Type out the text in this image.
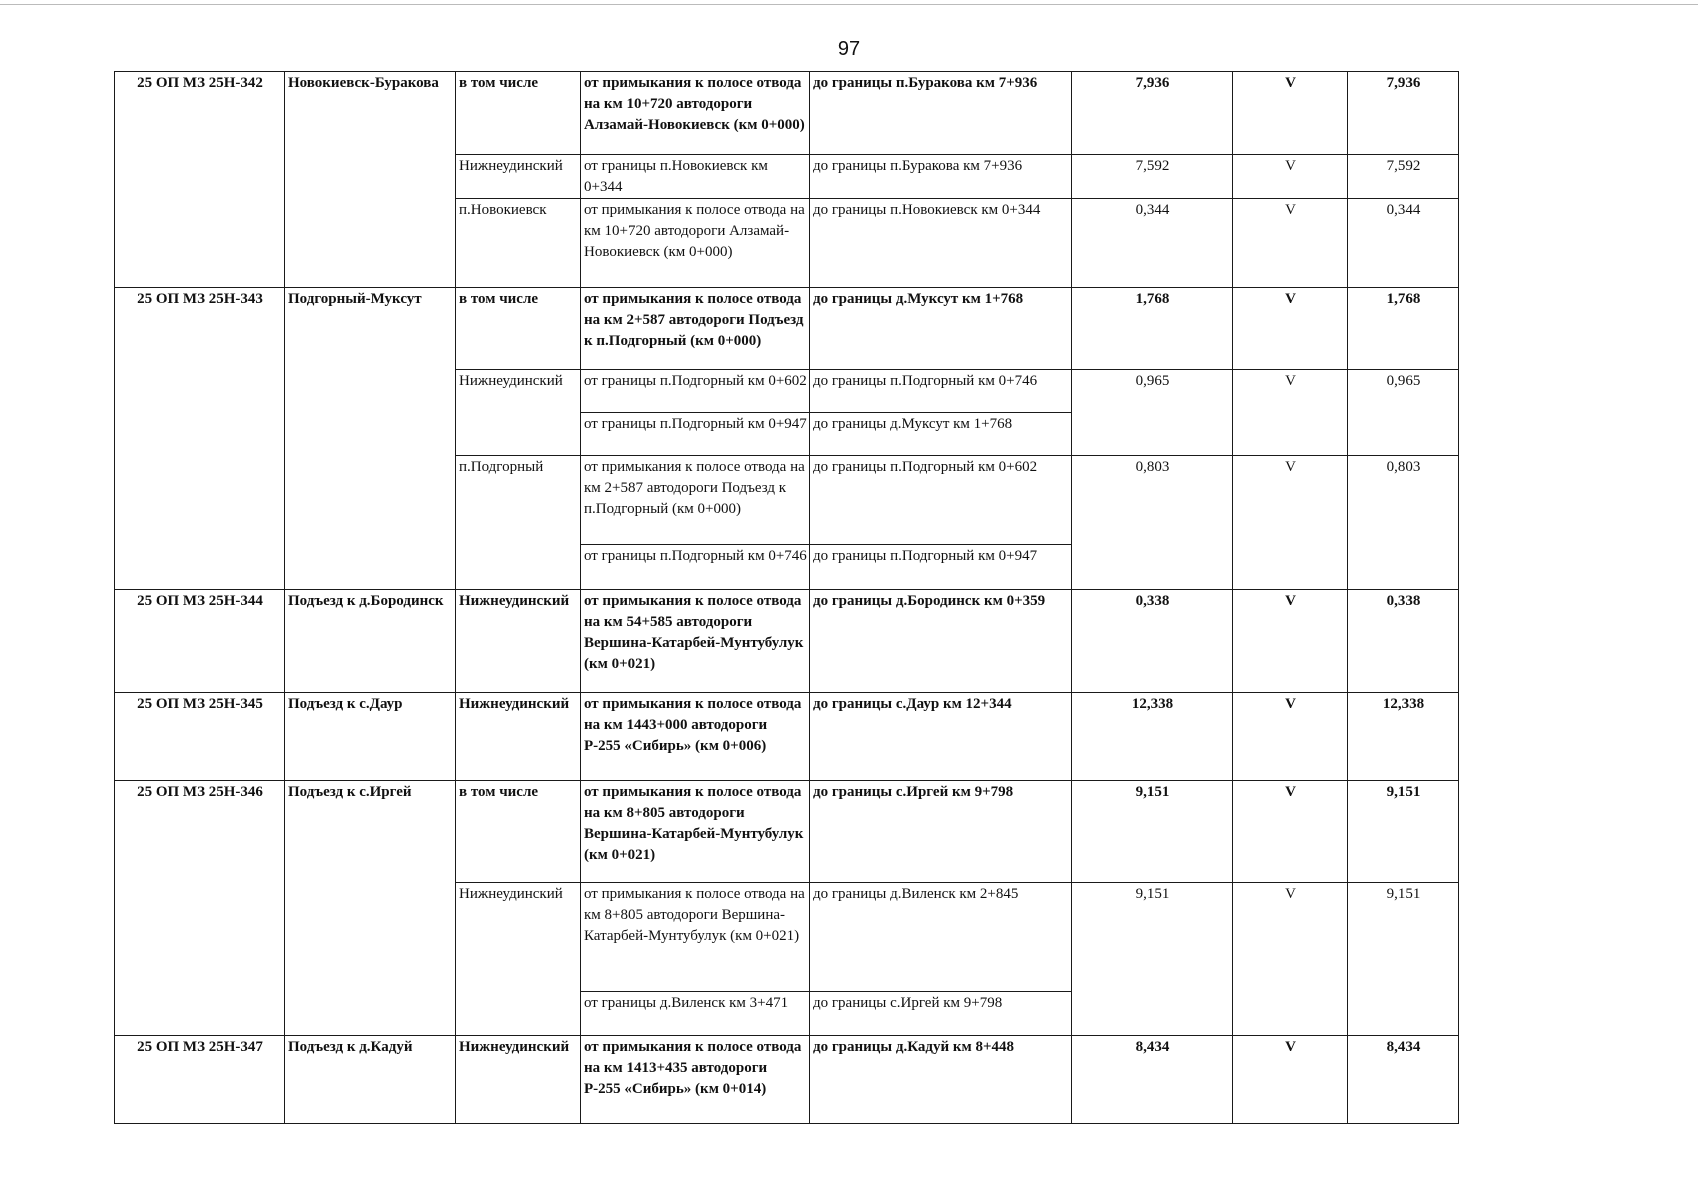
97
25 ОП МЗ 25Н-342	Новокиевск-Буракова	в том числе	от примыкания к полосе отвода на км 10+720 автодороги Алзамай-Новокиевск (км 0+000)	до границы п.Буракова км 7+936	7,936	V	7,936
		Нижнеудинский	от границы п.Новокиевск км 0+344	до границы п.Буракова км 7+936	7,592	V	7,592
		п.Новокиевск	от примыкания к полосе отвода на км 10+720 автодороги Алзамай-Новокиевск (км 0+000)	до границы п.Новокиевск км 0+344	0,344	V	0,344
25 ОП МЗ 25Н-343	Подгорный-Муксут	в том числе	от примыкания к полосе отвода на км 2+587 автодороги Подъезд к п.Подгорный (км 0+000)	до границы д.Муксут км 1+768	1,768	V	1,768
		Нижнеудинский	от границы п.Подгорный км 0+602	до границы п.Подгорный км 0+746	0,965	V	0,965
			от границы п.Подгорный км 0+947	до границы д.Муксут км 1+768			
		п.Подгорный	от примыкания к полосе отвода на км 2+587 автодороги Подъезд к п.Подгорный (км 0+000)	до границы п.Подгорный км 0+602	0,803	V	0,803
			от границы п.Подгорный км 0+746	до границы п.Подгорный км 0+947			
25 ОП МЗ 25Н-344	Подъезд к д.Бородинск	Нижнеудинский	от примыкания к полосе отвода на км 54+585 автодороги Вершина-Катарбей-Мунтубулук (км 0+021)	до границы д.Бородинск км 0+359	0,338	V	0,338
25 ОП МЗ 25Н-345	Подъезд к с.Даур	Нижнеудинский	от примыкания к полосе отвода на км 1443+000 автодороги Р-255 «Сибирь» (км 0+006)	до границы с.Даур км 12+344	12,338	V	12,338
25 ОП МЗ 25Н-346	Подъезд к с.Иргей	в том числе	от примыкания к полосе отвода на км 8+805 автодороги Вершина-Катарбей-Мунтубулук (км 0+021)	до границы с.Иргей км 9+798	9,151	V	9,151
		Нижнеудинский	от примыкания к полосе отвода на км 8+805 автодороги Вершина-Катарбей-Мунтубулук (км 0+021)	до границы д.Виленск км 2+845	9,151	V	9,151
			от границы д.Виленск км 3+471	до границы с.Иргей км 9+798			
25 ОП МЗ 25Н-347	Подъезд к д.Кадуй	Нижнеудинский	от примыкания к полосе отвода на км 1413+435 автодороги Р-255 «Сибирь» (км 0+014)	до границы д.Кадуй км 8+448	8,434	V	8,434
